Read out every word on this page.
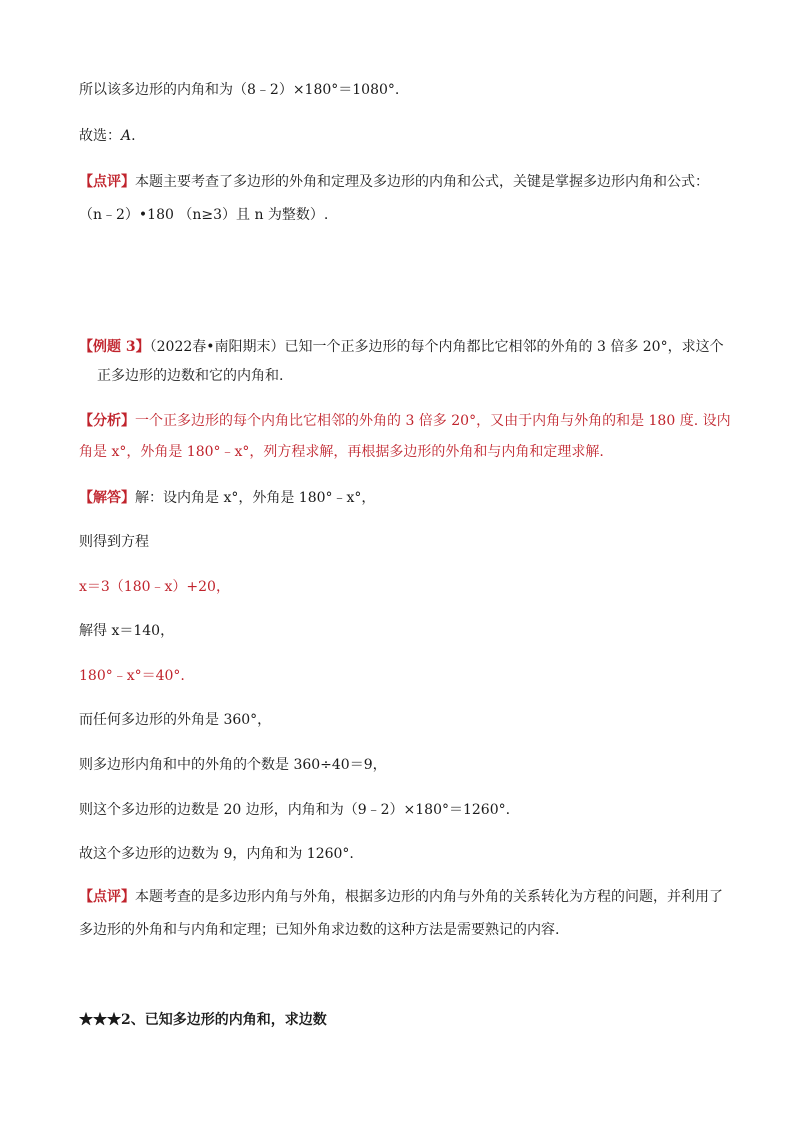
所以该多边形的内角和为（8﹣2）×180°＝1080°.
故选：A.
【点评】本题主要考查了多边形的外角和定理及多边形的内角和公式，关键是掌握多边形内角和公式：
（n﹣2）•180 （n≥3）且 n 为整数）.
【例题 3】（2022春•南阳期末）已知一个正多边形的每个内角都比它相邻的外角的 3 倍多 20°，求这个
正多边形的边数和它的内角和.
【分析】一个正多边形的每个内角比它相邻的外角的 3 倍多 20°，又由于内角与外角的和是 180 度. 设内
角是 x°，外角是 180°﹣x°，列方程求解，再根据多边形的外角和与内角和定理求解.
【解答】解：设内角是 x°，外角是 180°﹣x°，
则得到方程
x＝3（180﹣x）+20，
解得 x＝140，
180°﹣x°＝40°.
而任何多边形的外角是 360°，
则多边形内角和中的外角的个数是 360÷40＝9，
则这个多边形的边数是 20 边形，内角和为（9﹣2）×180°＝1260°.
故这个多边形的边数为 9，内角和为 1260°.
【点评】本题考查的是多边形内角与外角，根据多边形的内角与外角的关系转化为方程的问题，并利用了
多边形的外角和与内角和定理；已知外角求边数的这种方法是需要熟记的内容.
★★★2、已知多边形的内角和，求边数
